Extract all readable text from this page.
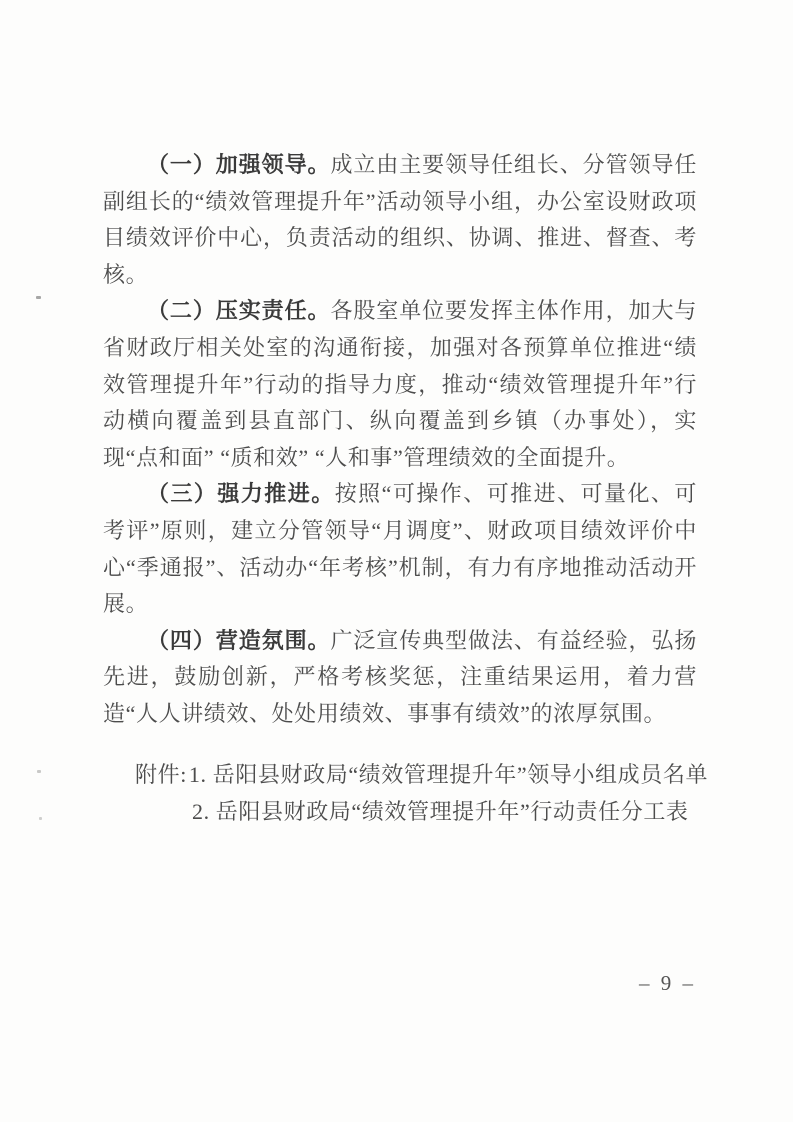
（一）加强领导。成立由主要领导任组长、分管领导任副组长的“绩效管理提升年”活动领导小组，办公室设财政项目绩效评价中心，负责活动的组织、协调、推进、督查、考核。

（二）压实责任。各股室单位要发挥主体作用，加大与省财政厅相关处室的沟通衔接，加强对各预算单位推进“绩效管理提升年”行动的指导力度，推动“绩效管理提升年”行动横向覆盖到县直部门、纵向覆盖到乡镇（办事处），实现“点和面” “质和效” “人和事”管理绩效的全面提升。

（三）强力推进。按照“可操作、可推进、可量化、可考评”原则，建立分管领导“月调度”、财政项目绩效评价中心“季通报”、活动办“年考核”机制，有力有序地推动活动开展。

（四）营造氛围。广泛宣传典型做法、有益经验，弘扬先进，鼓励创新，严格考核奖惩，注重结果运用，着力营造“人人讲绩效、处处用绩效、事事有绩效”的浓厚氛围。

附件:1. 岳阳县财政局“绩效管理提升年”领导小组成员名单
2. 岳阳县财政局“绩效管理提升年”行动责任分工表
– 9 –
